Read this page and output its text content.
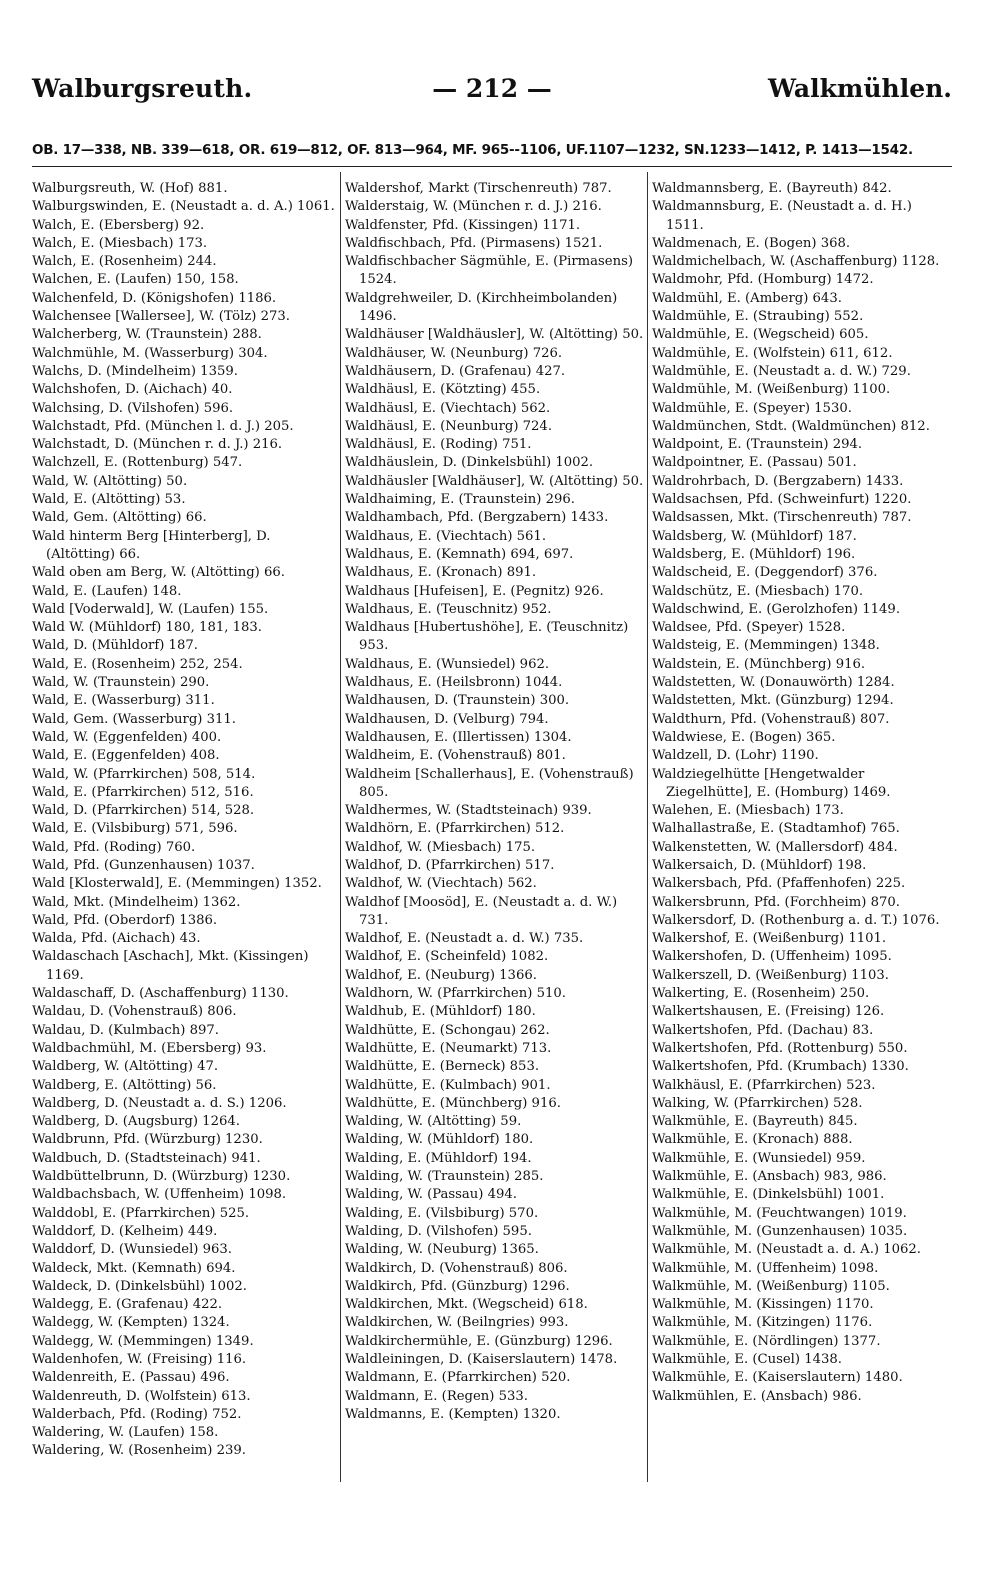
Walburgsreuth.	— 212 —	Walkmühlen.
OB. 17—338, NB. 339—618, OR. 619—812, OF. 813—964, MF. 965--1106, UF.1107—1232, SN.1233—1412, P. 1413—1542.
Walburgsreuth, W. (Hof) 881.
Walburgswinden, E. (Neustadt a. d. A.) 1061.
Walch, E. (Ebersberg) 92.
Walch, E. (Miesbach) 173.
Walch, E. (Rosenheim) 244.
Walchen, E. (Laufen) 150, 158.
Walchenfeld, D. (Königshofen) 1186.
Walchensee [Wallersee], W. (Tölz) 273.
Walcherberg, W. (Traunstein) 288.
Walchmühle, M. (Wasserburg) 304.
Walchs, D. (Mindelheim) 1359.
Walchshofen, D. (Aichach) 40.
Walchsing, D. (Vilshofen) 596.
Walchstadt, Pfd. (München l. d. J.) 205.
Walchstadt, D. (München r. d. J.) 216.
Walchzell, E. (Rottenburg) 547.
Wald, W. (Altötting) 50.
Wald, E. (Altötting) 53.
Wald, Gem. (Altötting) 66.
Wald hinterm Berg [Hinterberg], D. (Altötting) 66.
Wald oben am Berg, W. (Altötting) 66.
Wald, E. (Laufen) 148.
Wald [Voderwald], W. (Laufen) 155.
Wald W. (Mühldorf) 180, 181, 183.
Wald, D. (Mühldorf) 187.
Wald, E. (Rosenheim) 252, 254.
Wald, W. (Traunstein) 290.
Wald, E. (Wasserburg) 311.
Wald, Gem. (Wasserburg) 311.
Wald, W. (Eggenfelden) 400.
Wald, E. (Eggenfelden) 408.
Wald, W. (Pfarrkirchen) 508, 514.
Wald, E. (Pfarrkirchen) 512, 516.
Wald, D. (Pfarrkirchen) 514, 528.
Wald, E. (Vilsbiburg) 571, 596.
Wald, Pfd. (Roding) 760.
Wald, Pfd. (Gunzenhausen) 1037.
Wald [Klosterwald], E. (Memmingen) 1352.
Wald, Mkt. (Mindelheim) 1362.
Wald, Pfd. (Oberdorf) 1386.
Walda, Pfd. (Aichach) 43.
Waldaschach [Aschach], Mkt. (Kissingen) 1169.
Waldaschaff, D. (Aschaffenburg) 1130.
Waldau, D. (Vohenstrauß) 806.
Waldau, D. (Kulmbach) 897.
Waldbachmühl, M. (Ebersberg) 93.
Waldberg, W. (Altötting) 47.
Waldberg, E. (Altötting) 56.
Waldberg, D. (Neustadt a. d. S.) 1206.
Waldberg, D. (Augsburg) 1264.
Waldbrunn, Pfd. (Würzburg) 1230.
Waldbuch, D. (Stadtsteinach) 941.
Waldbüttelbrunn, D. (Würzburg) 1230.
Waldbachsbach, W. (Uffenheim) 1098.
Walddobl, E. (Pfarrkirchen) 525.
Walddorf, D. (Kelheim) 449.
Walddorf, D. (Wunsiedel) 963.
Waldeck, Mkt. (Kemnath) 694.
Waldeck, D. (Dinkelsbühl) 1002.
Waldegg, E. (Grafenau) 422.
Waldegg, W. (Kempten) 1324.
Waldegg, W. (Memmingen) 1349.
Waldenhofen, W. (Freising) 116.
Waldenreith, E. (Passau) 496.
Waldenreuth, D. (Wolfstein) 613.
Walderbach, Pfd. (Roding) 752.
Waldering, W. (Laufen) 158.
Waldering, W. (Rosenheim) 239.
Waldershof, Markt (Tirschenreuth) 787.
Walderstaig, W. (München r. d. J.) 216.
Waldfenster, Pfd. (Kissingen) 1171.
Waldfischbach, Pfd. (Pirmasens) 1521.
Waldfischbacher Sägmühle, E. (Pirmasens) 1524.
Waldgrehweiler, D. (Kirchheimbolanden) 1496.
Waldhäuser [Waldhäusler], W. (Altötting) 50.
Waldhäuser, W. (Neunburg) 726.
Waldhäusern, D. (Grafenau) 427.
Waldhäusl, E. (Kötzting) 455.
Waldhäusl, E. (Viechtach) 562.
Waldhäusl, E. (Neunburg) 724.
Waldhäusl, E. (Roding) 751.
Waldhäuslein, D. (Dinkelsbühl) 1002.
Waldhäusler [Waldhäuser], W. (Altötting) 50.
Waldhaiming, E. (Traunstein) 296.
Waldhambach, Pfd. (Bergzabern) 1433.
Waldhaus, E. (Viechtach) 561.
Waldhaus, E. (Kemnath) 694, 697.
Waldhaus, E. (Kronach) 891.
Waldhaus [Hufeisen], E. (Pegnitz) 926.
Waldhaus, E. (Teuschnitz) 952.
Waldhaus [Hubertushöhe], E. (Teuschnitz) 953.
Waldhaus, E. (Wunsiedel) 962.
Waldhaus, E. (Heilsbronn) 1044.
Waldhausen, D. (Traunstein) 300.
Waldhausen, D. (Velburg) 794.
Waldhausen, E. (Illertissen) 1304.
Waldheim, E. (Vohenstrauß) 801.
Waldheim [Schallerhaus], E. (Vohenstrauß) 805.
Waldhermes, W. (Stadtsteinach) 939.
Waldhörn, E. (Pfarrkirchen) 512.
Waldhof, W. (Miesbach) 175.
Waldhof, D. (Pfarrkirchen) 517.
Waldhof, W. (Viechtach) 562.
Waldhof [Moosöd], E. (Neustadt a. d. W.) 731.
Waldhof, E. (Neustadt a. d. W.) 735.
Waldhof, E. (Scheinfeld) 1082.
Waldhof, E. (Neuburg) 1366.
Waldhorn, W. (Pfarrkirchen) 510.
Waldhub, E. (Mühldorf) 180.
Waldhütte, E. (Schongau) 262.
Waldhütte, E. (Neumarkt) 713.
Waldhütte, E. (Berneck) 853.
Waldhütte, E. (Kulmbach) 901.
Waldhütte, E. (Münchberg) 916.
Walding, W. (Altötting) 59.
Walding, W. (Mühldorf) 180.
Walding, E. (Mühldorf) 194.
Walding, W. (Traunstein) 285.
Walding, W. (Passau) 494.
Walding, E. (Vilsbiburg) 570.
Walding, D. (Vilshofen) 595.
Walding, W. (Neuburg) 1365.
Waldkirch, D. (Vohenstrauß) 806.
Waldkirch, Pfd. (Günzburg) 1296.
Waldkirchen, Mkt. (Wegscheid) 618.
Waldkirchen, W. (Beilngries) 993.
Waldkirchermühle, E. (Günzburg) 1296.
Waldleiningen, D. (Kaiserslautern) 1478.
Waldmann, E. (Pfarrkirchen) 520.
Waldmann, E. (Regen) 533.
Waldmanns, E. (Kempten) 1320.
Waldmannsberg, E. (Bayreuth) 842.
Waldmannsburg, E. (Neustadt a. d. H.) 1511.
Waldmenach, E. (Bogen) 368.
Waldmichelbach, W. (Aschaffenburg) 1128.
Waldmohr, Pfd. (Homburg) 1472.
Waldmühl, E. (Amberg) 643.
Waldmühle, E. (Straubing) 552.
Waldmühle, E. (Wegscheid) 605.
Waldmühle, E. (Wolfstein) 611, 612.
Waldmühle, E. (Neustadt a. d. W.) 729.
Waldmühle, M. (Weißenburg) 1100.
Waldmühle, E. (Speyer) 1530.
Waldmünchen, Stdt. (Waldmünchen) 812.
Waldpoint, E. (Traunstein) 294.
Waldpointner, E. (Passau) 501.
Waldrohrbach, D. (Bergzabern) 1433.
Waldsachsen, Pfd. (Schweinfurt) 1220.
Waldsassen, Mkt. (Tirschenreuth) 787.
Waldsberg, W. (Mühldorf) 187.
Waldsberg, E. (Mühldorf) 196.
Waldscheid, E. (Deggendorf) 376.
Waldschütz, E. (Miesbach) 170.
Waldschwind, E. (Gerolzhofen) 1149.
Waldsee, Pfd. (Speyer) 1528.
Waldsteig, E. (Memmingen) 1348.
Waldstein, E. (Münchberg) 916.
Waldstetten, W. (Donauwörth) 1284.
Waldstetten, Mkt. (Günzburg) 1294.
Waldthurn, Pfd. (Vohenstrauß) 807.
Waldwiese, E. (Bogen) 365.
Waldzell, D. (Lohr) 1190.
Waldziegelhütte [Hengetwalder Ziegelhütte], E. (Homburg) 1469.
Walehen, E. (Miesbach) 173.
Walhallastraße, E. (Stadtamhof) 765.
Walkenstetten, W. (Mallersdorf) 484.
Walkersaich, D. (Mühldorf) 198.
Walkersbach, Pfd. (Pfaffenhofen) 225.
Walkersbrunn, Pfd. (Forchheim) 870.
Walkersdorf, D. (Rothenburg a. d. T.) 1076.
Walkershof, E. (Weißenburg) 1101.
Walkershofen, D. (Uffenheim) 1095.
Walkerszell, D. (Weißenburg) 1103.
Walkerting, E. (Rosenheim) 250.
Walkertshausen, E. (Freising) 126.
Walkertshofen, Pfd. (Dachau) 83.
Walkertshofen, Pfd. (Rottenburg) 550.
Walkertshofen, Pfd. (Krumbach) 1330.
Walkhäusl, E. (Pfarrkirchen) 523.
Walking, W. (Pfarrkirchen) 528.
Walkmühle, E. (Bayreuth) 845.
Walkmühle, E. (Kronach) 888.
Walkmühle, E. (Wunsiedel) 959.
Walkmühle, E. (Ansbach) 983, 986.
Walkmühle, E. (Dinkelsbühl) 1001.
Walkmühle, M. (Feuchtwangen) 1019.
Walkmühle, M. (Gunzenhausen) 1035.
Walkmühle, M. (Neustadt a. d. A.) 1062.
Walkmühle, M. (Uffenheim) 1098.
Walkmühle, M. (Weißenburg) 1105.
Walkmühle, M. (Kissingen) 1170.
Walkmühle, M. (Kitzingen) 1176.
Walkmühle, E. (Nördlingen) 1377.
Walkmühle, E. (Cusel) 1438.
Walkmühle, E. (Kaiserslautern) 1480.
Walkmühlen, E. (Ansbach) 986.
